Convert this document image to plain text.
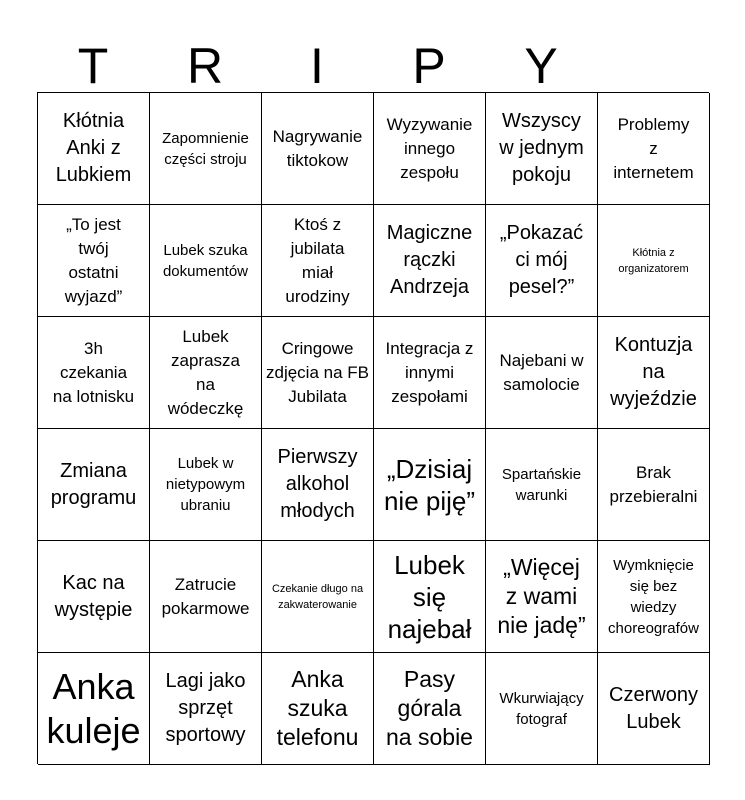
T	R	I	P	Y
Kłótnia Anki z Lubkiem
Zapomnienie części stroju
Nagrywanie tiktokow
Wyzywanie innego zespołu
Wszyscy w jednym pokoju
Problemy z internetem
„To jest twój ostatni wyjazd”
Lubek szuka dokumentów
Ktoś z jubilata miał urodziny
Magiczne rączki Andrzeja
„Pokazać ci mój pesel?”
Kłótnia z organizatorem
3h czekania na lotnisku
Lubek zaprasza na wódeczkę
Cringowe zdjęcia na FB Jubilata
Integracja z innymi zespołami
Najebani w samolocie
Kontuzja na wyjeździe
Zmiana programu
Lubek w nietypowym ubraniu
Pierwszy alkohol młodych
„Dzisiaj nie piję”
Spartańskie warunki
Brak przebieralni
Kac na występie
Zatrucie pokarmowe
Czekanie długo na zakwaterowanie
Lubek się najebał
„Więcej z wami nie jadę”
Wymknięcie się bez wiedzy choreografów
Anka kuleje
Lagi jako sprzęt sportowy
Anka szuka telefonu
Pasy górala na sobie
Wkurwiający fotograf
Czerwony Lubek
